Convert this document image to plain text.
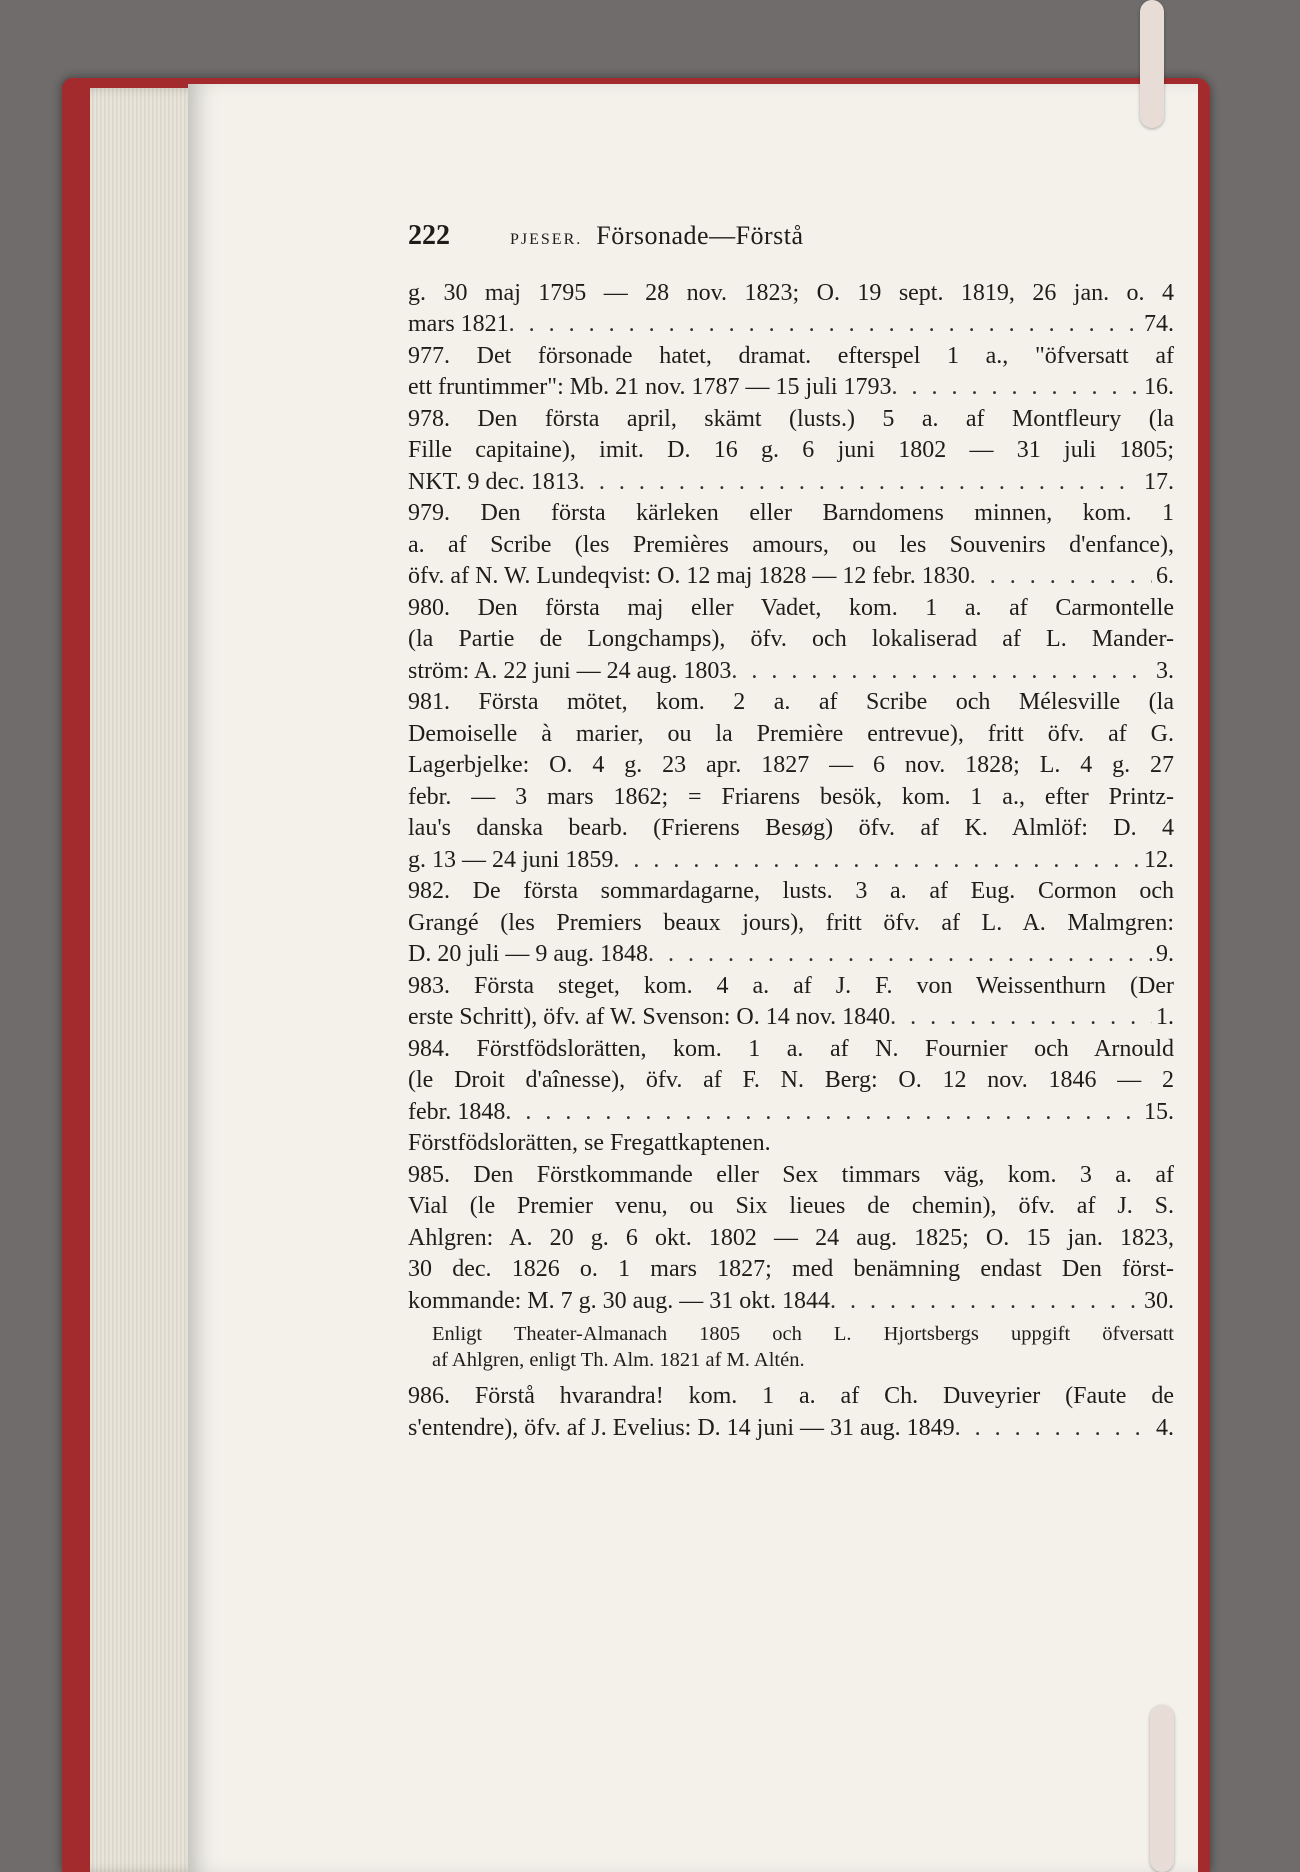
222	PJESER. Försonade—Förstå
g. 30 maj 1795 — 28 nov. 1823; O. 19 sept. 1819, 26 jan. o. 4
mars 1821 . . .	74.
977. Det försonade hatet, dramat. efterspel 1 a., "öfversatt af
ett fruntimmer": Mb. 21 nov. 1787 — 15 juli 1793 . . .	16.
978. Den första april, skämt (lusts.) 5 a. af Montfleury (la
Fille capitaine), imit. D. 16 g. 6 juni 1802 — 31 juli 1805;
NKT. 9 dec. 1813 . . .	17.
979. Den första kärleken eller Barndomens minnen, kom. 1
a. af Scribe (les Premières amours, ou les Souvenirs d'enfance),
öfv. af N. W. Lundeqvist: O. 12 maj 1828 — 12 febr. 1830 . . .	6.
980. Den första maj eller Vadet, kom. 1 a. af Carmontelle
(la Partie de Longchamps), öfv. och lokaliserad af L. Mander-
ström: A. 22 juni — 24 aug. 1803 . . .	3.
981. Första mötet, kom. 2 a. af Scribe och Mélesville (la
Demoiselle à marier, ou la Première entrevue), fritt öfv. af G.
Lagerbjelke: O. 4 g. 23 apr. 1827 — 6 nov. 1828; L. 4 g. 27
febr. — 3 mars 1862; = Friarens besök, kom. 1 a., efter Printz-
lau's danska bearb. (Frierens Besøg) öfv. af K. Almlöf: D. 4
g. 13 — 24 juni 1859 . . .	12.
982. De första sommardagarne, lusts. 3 a. af Eug. Cormon och
Grangé (les Premiers beaux jours), fritt öfv. af L. A. Malmgren:
D. 20 juli — 9 aug. 1848 . . .	9.
983. Första steget, kom. 4 a. af J. F. von Weissenthurn (Der
erste Schritt), öfv. af W. Svenson: O. 14 nov. 1840 . . .	1.
984. Förstfödslorätten, kom. 1 a. af N. Fournier och Arnould
(le Droit d'aînesse), öfv. af F. N. Berg: O. 12 nov. 1846 — 2
febr. 1848 . . .	15.
Förstfödslorätten, se Fregattkaptenen.
985. Den Förstkommande eller Sex timmars väg, kom. 3 a. af
Vial (le Premier venu, ou Six lieues de chemin), öfv. af J. S.
Ahlgren: A. 20 g. 6 okt. 1802 — 24 aug. 1825; O. 15 jan. 1823,
30 dec. 1826 o. 1 mars 1827; med benämning endast Den först-
kommande: M. 7 g. 30 aug. — 31 okt. 1844 . . .	30.
Enligt Theater-Almanach 1805 och L. Hjortsbergs uppgift öfversatt
af Ahlgren, enligt Th. Alm. 1821 af M. Altén.
986. Förstå hvarandra! kom. 1 a. af Ch. Duveyrier (Faute de
s'entendre), öfv. af J. Evelius: D. 14 juni — 31 aug. 1849 . . .	4.
